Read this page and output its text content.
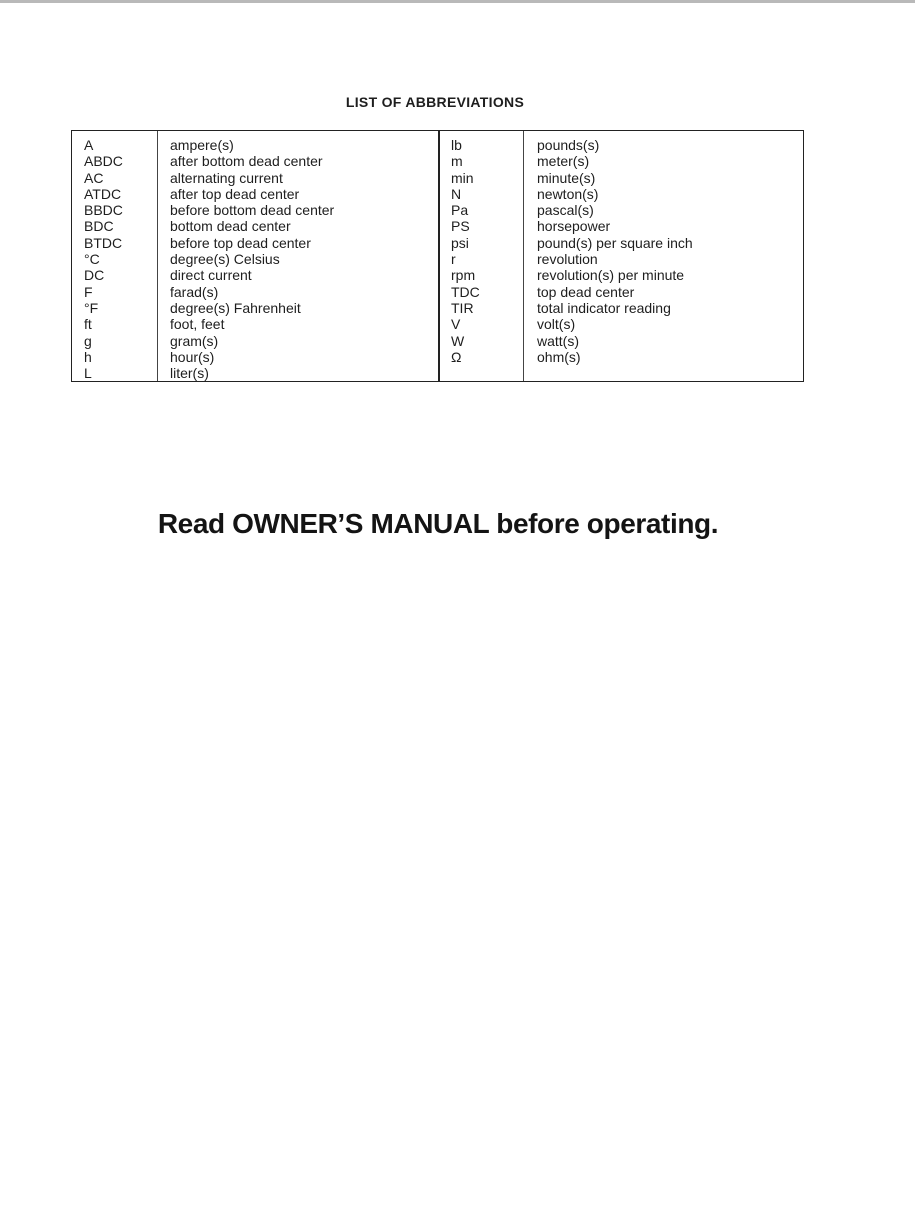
LIST OF ABBREVIATIONS
A
ABDC
AC
ATDC
BBDC
BDC
BTDC
°C
DC
F
°F
ft
g
h
L
ampere(s)
after bottom dead center
alternating current
after top dead center
before bottom dead center
bottom dead center
before top dead center
degree(s) Celsius
direct current
farad(s)
degree(s) Fahrenheit
foot, feet
gram(s)
hour(s)
liter(s)
lb
m
min
N
Pa
PS
psi
r
rpm
TDC
TIR
V
W
Ω
pounds(s)
meter(s)
minute(s)
newton(s)
pascal(s)
horsepower
pound(s) per square inch
revolution
revolution(s) per minute
top dead center
total indicator reading
volt(s)
watt(s)
ohm(s)
Read OWNER’S MANUAL before operating.
